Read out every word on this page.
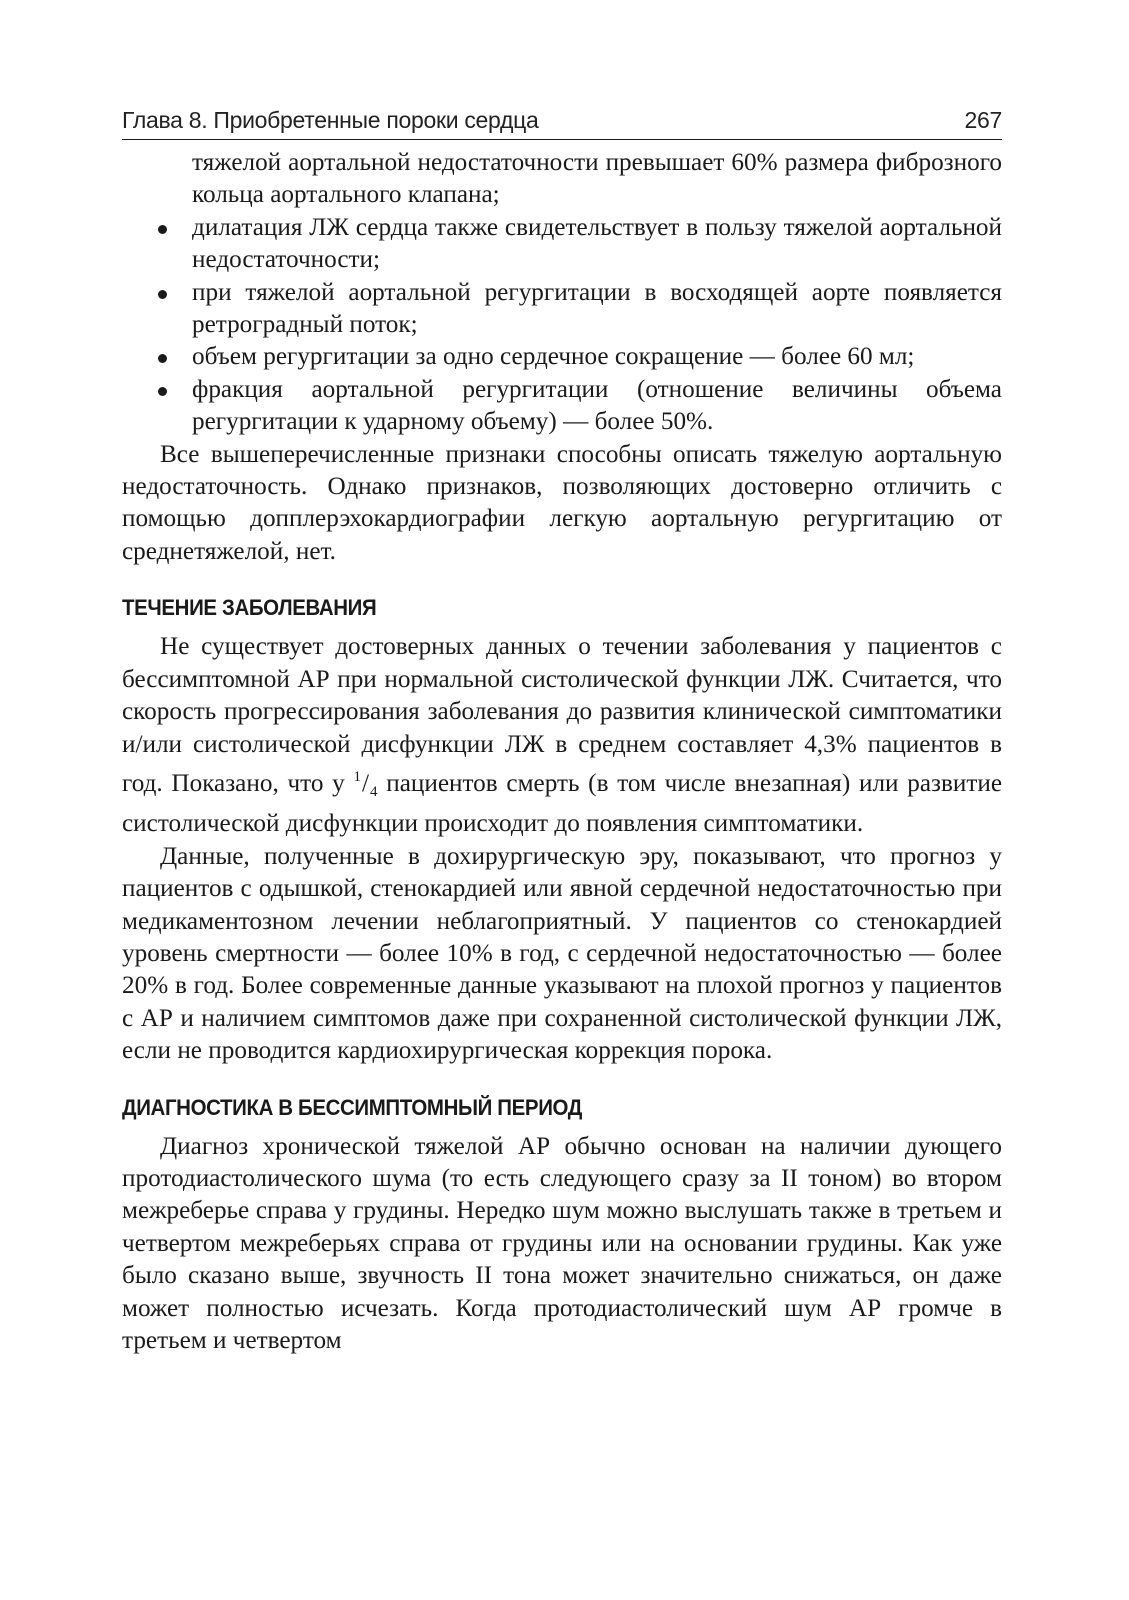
Глава 8. Приобретенные пороки сердца	267

тяжелой аортальной недостаточности превышает 60% размера фиброзного кольца аортального клапана;

дилатация ЛЖ сердца также свидетельствует в пользу тяжелой аортальной недостаточности;
при тяжелой аортальной регургитации в восходящей аорте появляется ретроградный поток;
объем регургитации за одно сердечное сокращение — более 60 мл;
фракция аортальной регургитации (отношение величины объема регургитации к ударному объему) — более 50%.

Все вышеперечисленные признаки способны описать тяжелую аортальную недостаточность. Однако признаков, позволяющих достоверно отличить с помощью допплерэхокардиографии легкую аортальную регургитацию от среднетяжелой, нет.

ТЕЧЕНИЕ ЗАБОЛЕВАНИЯ

Не существует достоверных данных о течении заболевания у пациентов с бессимптомной АР при нормальной систолической функции ЛЖ. Считается, что скорость прогрессирования заболевания до развития клинической симптоматики и/или систолической дисфункции ЛЖ в среднем составляет 4,3% пациентов в год. Показано, что у $^1/_4$ пациентов смерть (в том числе внезапная) или развитие систолической дисфункции происходит до появления симптоматики.

Данные, полученные в дохирургическую эру, показывают, что прогноз у пациентов с одышкой, стенокардией или явной сердечной недостаточностью при медикаментозном лечении неблагоприятный. У пациентов со стенокардией уровень смертности — более 10% в год, с сердечной недостаточностью — более 20% в год. Более современные данные указывают на плохой прогноз у пациентов с АР и наличием симптомов даже при сохраненной систолической функции ЛЖ, если не проводится кардиохирургическая коррекция порока.

ДИАГНОСТИКА В БЕССИМПТОМНЫЙ ПЕРИОД

Диагноз хронической тяжелой АР обычно основан на наличии дующего протодиастолического шума (то есть следующего сразу за II тоном) во втором межреберье справа у грудины. Нередко шум можно выслушать также в третьем и четвертом межреберьях справа от грудины или на основании грудины. Как уже было сказано выше, звучность II тона может значительно снижаться, он даже может полностью исчезать. Когда протодиастолический шум АР громче в третьем и четвертом
